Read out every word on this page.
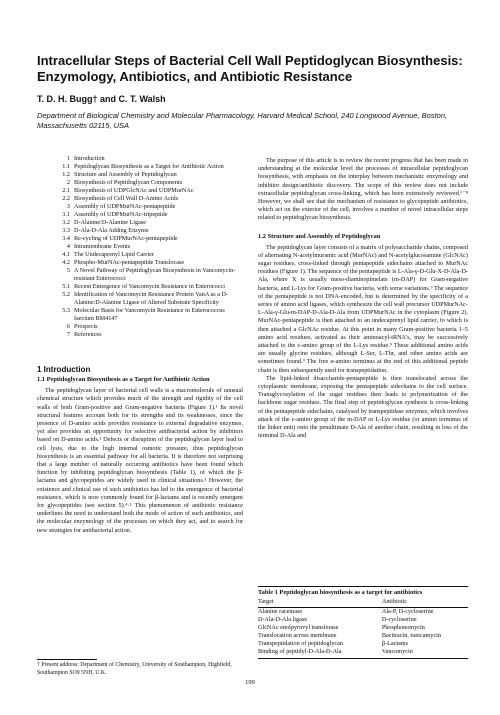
Intracellular Steps of Bacterial Cell Wall Peptidoglycan Biosynthesis:
Enzymology, Antibiotics, and Antibiotic Resistance
T. D. H. Bugg† and C. T. Walsh
Department of Biological Chemistry and Molecular Pharmacology, Harvard Medical School, 240 Longwood Avenue, Boston, Massachusetts 02115, USA
1 Introduction
1.1 Peptidoglycan Biosynthesis as a Target for Antibiotic Action
1.2 Structure and Assembly of Peptidoglycan
2 Biosynthesis of Peptidoglycan Components
2.1 Biosynthesis of UDPGlcNAc and UDPMurNAc
2.2 Biosynthesis of Cell Wall D-Amino Acids
3 Assembly of UDPMurNAc-pentapeptide
3.1 Assembly of UDPMurNAc-tripeptide
3.2 D-Alanine:D-Alanine Ligase
3.3 D-Ala-D-Ala Adding Enzyme
3.4 Re-cycling of UDPMurNAc-pentapeptide
4 Intramembrane Events
4.1 The Undecaprenyl Lipid Carrier
4.2 Phospho-MurNAc-pentapeptide Translocase
5 A Novel Pathway of Peptidoglycan Biosynthesis in Vancomycin-resistant Enterococci
5.1 Recent Emergence of Vancomycin Resistance in Enterococci
5.2 Identification of Vancomycin Resistance Protein VanA as a D-Alanine:D-Alanine Ligase of Altered Substrate Specificity
5.3 Molecular Basis for Vancomycin Resistance in Enterococcus faecium BM4147
6 Prospects
7 References
1 Introduction
1.1 Peptidoglycan Biosynthesis as a Target for Antibiotic Action

The peptidoglycan layer of bacterial cell walls is a macromolecule of unusual chemical structure which provides much of the strength and rigidity of the cell walls of both Gram-positive and Gram-negative bacteria (Figure 1).¹ Its novel structural features account both for its strengths and its weaknesses, since the presence of D-amino acids provides resistance to external degradative enzymes, yet also provides an opportunity for selective antibacterial action by inhibitors based on D-amino acids.² Defects or disruption of the peptidoglycan layer lead to cell lysis, due to the high internal osmotic pressure, thus peptidoglycan biosynthesis is an essential pathway for all bacteria. It is therefore not surprising that a large number of naturally occurring antibiotics have been found which function by inhibiting peptidoglycan biosynthesis (Table 1), of which the β-lactams and glycopeptides are widely used in clinical situations.³ However, the existence and clinical use of such antibiotics has led to the emergence of bacterial resistance, which is now commonly found for β-lactams and is recently emergent for glycopeptides (see section 5).⁴·⁵ This phenomenon of antibiotic resistance underlines the need to understand both the mode of action of such antibiotics, and the molecular enzymology of the processes on which they act, and to search for new strategies for antibacterial action.

† Present address: Department of Chemistry, University of Southampton, Highfield, Southampton SO9 5NH, U.K.

The purpose of this article is to review the recent progress that has been made in understanding at the molecular level the processes of intracellular peptidoglycan biosynthesis, with emphasis on the interplay between mechanistic enzymology and inhibitor design/antibiotic discovery. The scope of this review does not include extracellular peptidoglycan cross-linking, which has been extensively reviewed.⁶⁻⁸ However, we shall see that the mechanism of resistance to glycopeptide antibiotics, which act on the exterior of the cell, involves a number of novel intracellular steps related to peptidoglycan biosynthesis.

1.2 Structure and Assembly of Peptidoglycan

The peptidoglycan layer consists of a matrix of polysaccharide chains, composed of alternating N-acetylmuramic acid (MurNAc) and N-acetylglucosamine (GlcNAc) sugar residues, cross-linked through pentapeptide sidechains attached to MurNAc residues (Figure 1). The sequence of the pentapeptide is L-Ala-γ-D-Glu-X-D-Ala-D-Ala, where X is usually meso-diaminopimelate (m-DAP) for Gram-negative bacteria, and L-Lys for Gram-positive bacteria, with some variations.⁹ The sequence of the pentapeptide is not DNA-encoded, but is determined by the specificity of a series of amino acid ligases, which synthesize the cell wall precursor UDPMurNAc-L-Ala-γ-Glu-m-DAP-D-Ala-D-Ala from UDPMurNAc in the cytoplasm (Figure 2). MurNAc-pentapeptide is then attached to an undecaprenyl lipid carrier, to which is then attached a GlcNAc residue. At this point in many Gram-positive bacteria 1–5 amino acid residues, activated as their aminoacyl-tRNA's, may be successively attached to the ε-amino group of the L-Lys residue.⁹ These additional amino acids are usually glycine residues, although L-Ser, L-Thr, and other amino acids are sometimes found.⁹ The free α-amino terminus at the end of this additional peptide chain is then subsequently used for transpeptidation.

The lipid-linked disaccharide-pentapeptide is then translocated across the cytoplasmic membrane, exposing the pentapeptide sidechains to the cell surface. Transglycosylation of the sugar residues then leads to polymerization of the backbone sugar residues. The final step of peptidoglycan synthesis is cross-linking of the pentapeptide sidechains, catalysed by transpeptidase enzymes, which involves attack of the ε-amino group of the m-DAP or L-Lys residue (or amino terminus of the linker unit) onto the penultimate D-Ala of another chain, resulting in loss of the terminal D-Ala and

Table 1 Peptidoglycan biosynthesis as a target for antibiotics
Target	Antibiotic
Alanine racemase	Ala-P, D-cycloserine
D-Ala-D-Ala ligase	D-cycloserine
GlcNAc enolpyruvyl transferase	Phosphonomycin
Translocation across membrane	Bacitracin, tunicamycin
Transpeptidation of peptidoglycan	β-Lactams
Binding of peptidyl-D-Ala-D-Ala	Vancomycin
199
